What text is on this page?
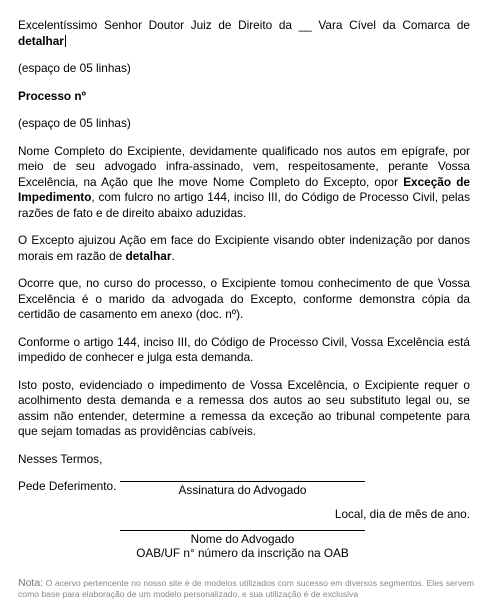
Excelentíssimo Senhor Doutor Juiz de Direito da __ Vara Cível da Comarca de detalhar

(espaço de 05 linhas)

Processo nº

(espaço de 05 linhas)

Nome Completo do Excipiente, devidamente qualificado nos autos em epígrafe, por meio de seu advogado infra-assinado, vem, respeitosamente, perante Vossa Excelência, na Ação que lhe move Nome Completo do Excepto, opor Exceção de Impedimento, com fulcro no artigo 144, inciso III, do Código de Processo Civil, pelas razões de fato e de direito abaixo aduzidas.

O Excepto ajuizou Ação em face do Excipiente visando obter indenização por danos morais em razão de detalhar.

Ocorre que, no curso do processo, o Excipiente tomou conhecimento de que Vossa Excelência é o marido da advogada do Excepto, conforme demonstra cópia da certidão de casamento em anexo (doc. nº).

Conforme o artigo 144, inciso III, do Código de Processo Civil, Vossa Excelência está impedido de conhecer e julga esta demanda.

Isto posto, evidenciado o impedimento de Vossa Excelência, o Excipiente requer o acolhimento desta demanda e a remessa dos autos ao seu substituto legal ou, se assim não entender, determine a remessa da exceção ao tribunal competente para que sejam tomadas as providências cabíveis.

Nesses Termos,

Pede Deferimento.

Local, dia de mês de ano.

Assinatura do Advogado

Nome do Advogado

OAB/UF n° número da inscrição na OAB

Nota: O acervo pertencente no nosso site é de modelos utilizados com sucesso em diversos segmentos. Eles servem como base para elaboração de um modelo personalizado, e sua utilização é de exclusiva
